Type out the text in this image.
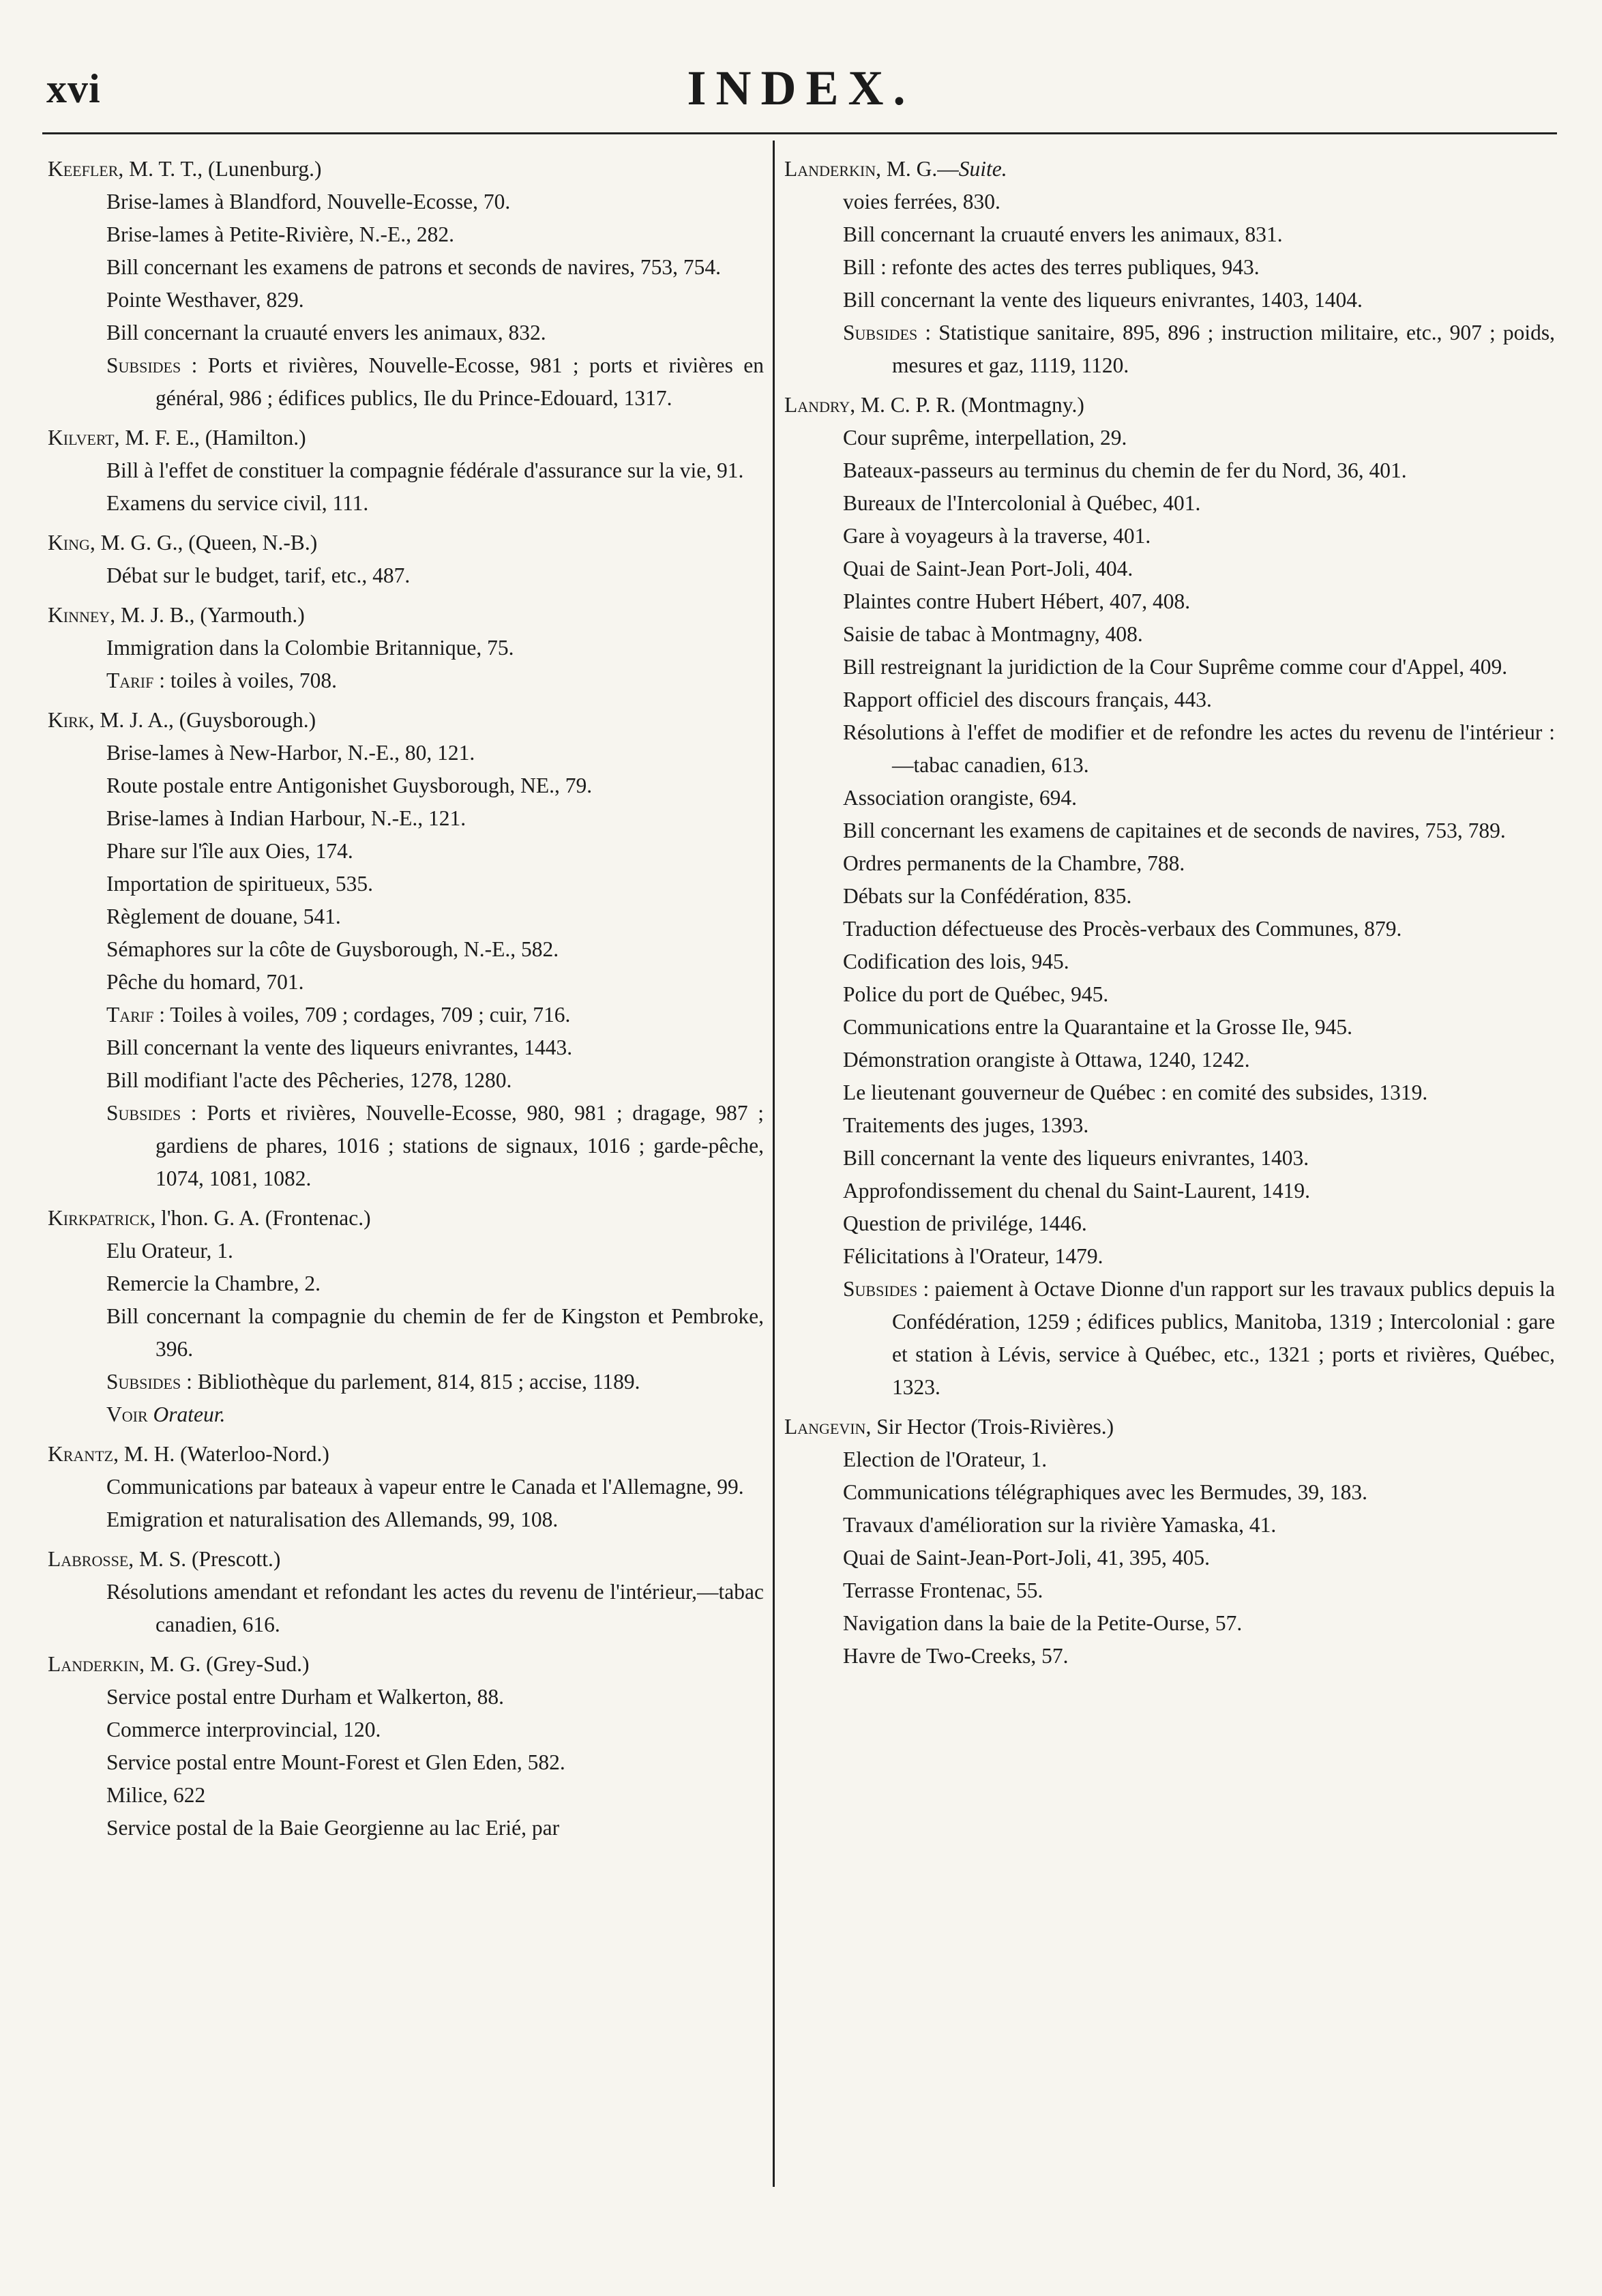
xvi	INDEX.

Keefler, M. T. T., (Lunenburg.)

Brise-lames à Blandford, Nouvelle-Ecosse, 70.

Brise-lames à Petite-Rivière, N.-E., 282.

Bill concernant les examens de patrons et seconds de navires, 753, 754.

Pointe Westhaver, 829.

Bill concernant la cruauté envers les animaux, 832.

Subsides : Ports et rivières, Nouvelle-Ecosse, 981 ; ports et rivières en général, 986 ; édifices publics, Ile du Prince-Edouard, 1317.

Kilvert, M. F. E., (Hamilton.)

Bill à l'effet de constituer la compagnie fédérale d'assurance sur la vie, 91.

Examens du service civil, 111.

King, M. G. G., (Queen, N.-B.)

Débat sur le budget, tarif, etc., 487.

Kinney, M. J. B., (Yarmouth.)

Immigration dans la Colombie Britannique, 75.

Tarif : toiles à voiles, 708.

Kirk, M. J. A., (Guysborough.)

Brise-lames à New-Harbor, N.-E., 80, 121.

Route postale entre Antigonishet Guysborough, NE., 79.

Brise-lames à Indian Harbour, N.-E., 121.

Phare sur l'île aux Oies, 174.

Importation de spiritueux, 535.

Règlement de douane, 541.

Sémaphores sur la côte de Guysborough, N.-E., 582.

Pêche du homard, 701.

Tarif : Toiles à voiles, 709 ; cordages, 709 ; cuir, 716.

Bill concernant la vente des liqueurs enivrantes, 1443.

Bill modifiant l'acte des Pêcheries, 1278, 1280.

Subsides : Ports et rivières, Nouvelle-Ecosse, 980, 981 ; dragage, 987 ; gardiens de phares, 1016 ; stations de signaux, 1016 ; garde-pêche, 1074, 1081, 1082.

Kirkpatrick, l'hon. G. A. (Frontenac.)

Elu Orateur, 1.

Remercie la Chambre, 2.

Bill concernant la compagnie du chemin de fer de Kingston et Pembroke, 396.

Subsides : Bibliothèque du parlement, 814, 815 ; accise, 1189.

Voir Orateur.

Krantz, M. H. (Waterloo-Nord.)

Communications par bateaux à vapeur entre le Canada et l'Allemagne, 99.

Emigration et naturalisation des Allemands, 99, 108.

Labrosse, M. S. (Prescott.)

Résolutions amendant et refondant les actes du revenu de l'intérieur,—tabac canadien, 616.

Landerkin, M. G. (Grey-Sud.)

Service postal entre Durham et Walkerton, 88.

Commerce interprovincial, 120.

Service postal entre Mount-Forest et Glen Eden, 582.

Milice, 622

Service postal de la Baie Georgienne au lac Erié, par

Landerkin, M. G.—Suite.

voies ferrées, 830.

Bill concernant la cruauté envers les animaux, 831.

Bill : refonte des actes des terres publiques, 943.

Bill concernant la vente des liqueurs enivrantes, 1403, 1404.

Subsides : Statistique sanitaire, 895, 896 ; instruction militaire, etc., 907 ; poids, mesures et gaz, 1119, 1120.

Landry, M. C. P. R. (Montmagny.)

Cour suprême, interpellation, 29.

Bateaux-passeurs au terminus du chemin de fer du Nord, 36, 401.

Bureaux de l'Intercolonial à Québec, 401.

Gare à voyageurs à la traverse, 401.

Quai de Saint-Jean Port-Joli, 404.

Plaintes contre Hubert Hébert, 407, 408.

Saisie de tabac à Montmagny, 408.

Bill restreignant la juridiction de la Cour Suprême comme cour d'Appel, 409.

Rapport officiel des discours français, 443.

Résolutions à l'effet de modifier et de refondre les actes du revenu de l'intérieur :—tabac canadien, 613.

Association orangiste, 694.

Bill concernant les examens de capitaines et de seconds de navires, 753, 789.

Ordres permanents de la Chambre, 788.

Débats sur la Confédération, 835.

Traduction défectueuse des Procès-verbaux des Communes, 879.

Codification des lois, 945.

Police du port de Québec, 945.

Communications entre la Quarantaine et la Grosse Ile, 945.

Démonstration orangiste à Ottawa, 1240, 1242.

Le lieutenant gouverneur de Québec : en comité des subsides, 1319.

Traitements des juges, 1393.

Bill concernant la vente des liqueurs enivrantes, 1403.

Approfondissement du chenal du Saint-Laurent, 1419.

Question de privilége, 1446.

Félicitations à l'Orateur, 1479.

Subsides : paiement à Octave Dionne d'un rapport sur les travaux publics depuis la Confédération, 1259 ; édifices publics, Manitoba, 1319 ; Intercolonial : gare et station à Lévis, service à Québec, etc., 1321 ; ports et rivières, Québec, 1323.

Langevin, Sir Hector (Trois-Rivières.)

Election de l'Orateur, 1.

Communications télégraphiques avec les Bermudes, 39, 183.

Travaux d'amélioration sur la rivière Yamaska, 41.

Quai de Saint-Jean-Port-Joli, 41, 395, 405.

Terrasse Frontenac, 55.

Navigation dans la baie de la Petite-Ourse, 57.

Havre de Two-Creeks, 57.
